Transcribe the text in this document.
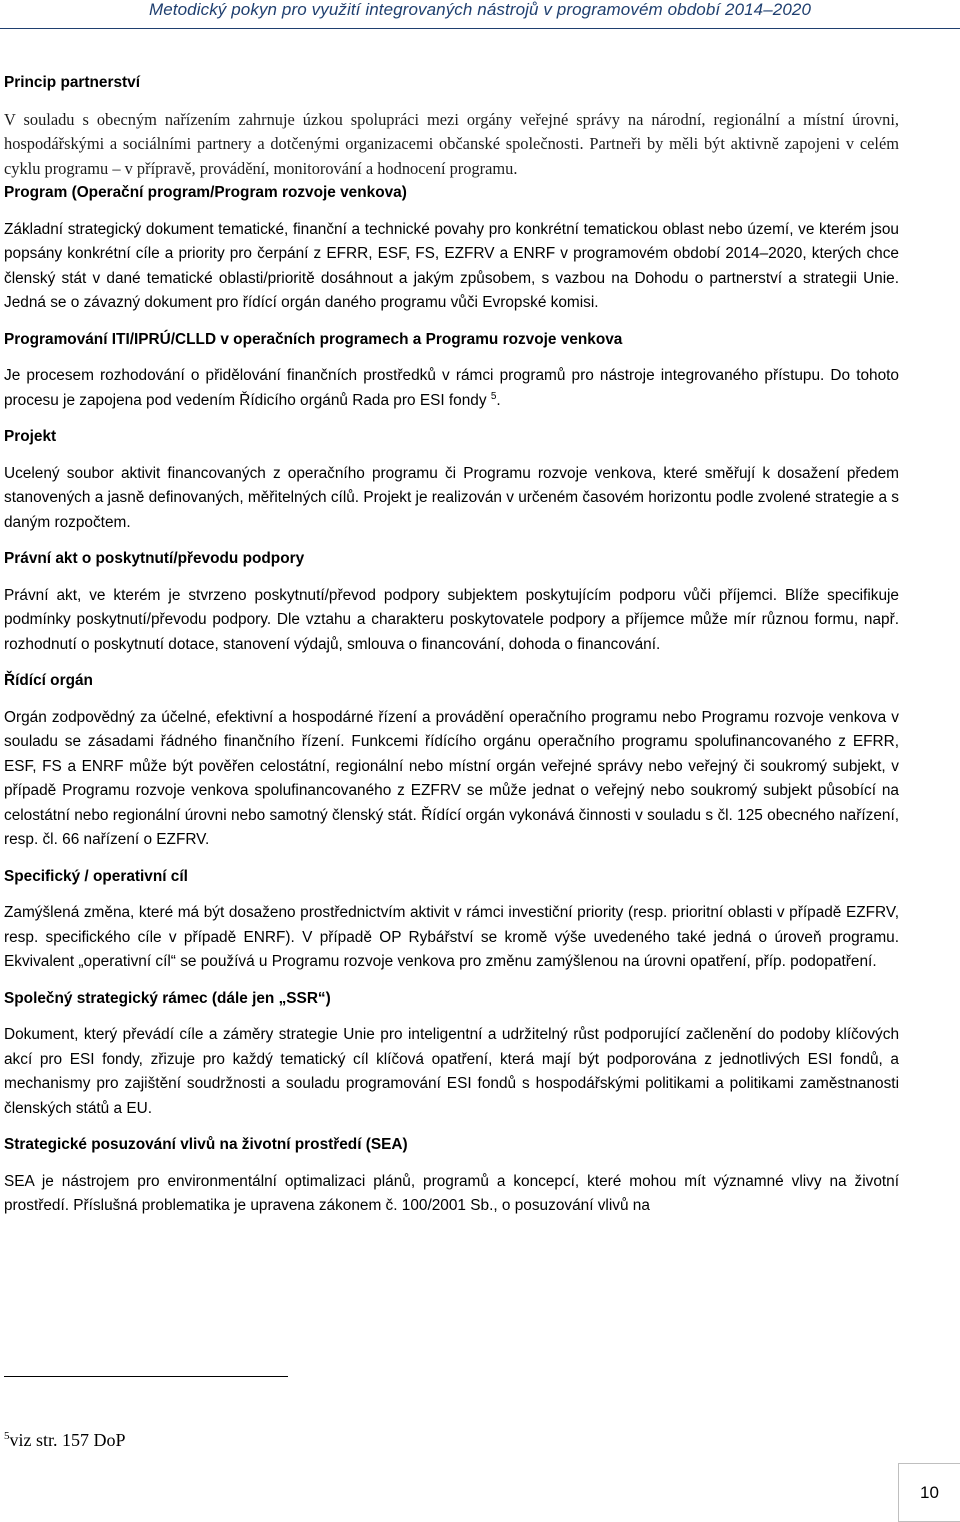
Metodický pokyn pro využití integrovaných nástrojů v programovém období 2014–2020
Princip partnerství

V souladu s obecným nařízením zahrnuje úzkou spolupráci mezi orgány veřejné správy na národní, regionální a místní úrovni, hospodářskými a sociálními partnery a dotčenými organizacemi občanské společnosti. Partneři by měli být aktivně zapojeni v celém cyklu programu – v přípravě, provádění, monitorování a hodnocení programu.

Program (Operační program/Program rozvoje venkova)

Základní strategický dokument tematické, finanční a technické povahy pro konkrétní tematickou oblast nebo území, ve kterém jsou popsány konkrétní cíle a priority pro čerpání z EFRR, ESF, FS, EZFRV a ENRF v programovém období 2014–2020, kterých chce členský stát v dané tematické oblasti/prioritě dosáhnout a jakým způsobem, s vazbou na Dohodu o partnerství a strategii Unie. Jedná se o závazný dokument pro řídící orgán daného programu vůči Evropské komisi.

Programování ITI/IPRÚ/CLLD v operačních programech a Programu rozvoje venkova

Je procesem rozhodování o přidělování finančních prostředků v rámci programů pro nástroje integrovaného přístupu. Do tohoto procesu je zapojena pod vedením Řídicího orgánů Rada pro ESI fondy $^5$.

Projekt

Ucelený soubor aktivit financovaných z operačního programu či Programu rozvoje venkova, které směřují k dosažení předem stanovených a jasně definovaných, měřitelných cílů. Projekt je realizován v určeném časovém horizontu podle zvolené strategie a s daným rozpočtem.

Právní akt o poskytnutí/převodu podpory

Právní akt, ve kterém je stvrzeno poskytnutí/převod podpory subjektem poskytujícím podporu vůči příjemci. Blíže specifikuje podmínky poskytnutí/převodu podpory. Dle vztahu a charakteru poskytovatele podpory a příjemce může mír různou formu, např. rozhodnutí o poskytnutí dotace, stanovení výdajů, smlouva o financování, dohoda o financování.

Řídící orgán

Orgán zodpovědný za účelné, efektivní a hospodárné řízení a provádění operačního programu nebo Programu rozvoje venkova v souladu se zásadami řádného finančního řízení. Funkcemi řídícího orgánu operačního programu spolufinancovaného z EFRR, ESF, FS a ENRF může být pověřen celostátní, regionální nebo místní orgán veřejné správy nebo veřejný či soukromý subjekt, v případě Programu rozvoje venkova spolufinancovaného z EZFRV se může jednat o veřejný nebo soukromý subjekt působící na celostátní nebo regionální úrovni nebo samotný členský stát. Řídící orgán vykonává činnosti v souladu s čl. 125 obecného nařízení, resp. čl. 66 nařízení o EZFRV.

Specifický / operativní cíl

Zamýšlená změna, které má být dosaženo prostřednictvím aktivit v rámci investiční priority (resp. prioritní oblasti v případě EZFRV, resp. specifického cíle v případě ENRF). V případě OP Rybářství se kromě výše uvedeného také jedná o úroveň programu. Ekvivalent „operativní cíl“ se používá u Programu rozvoje venkova pro změnu zamýšlenou na úrovni opatření, příp. podopatření.

Společný strategický rámec (dále jen „SSR“)

Dokument, který převádí cíle a záměry strategie Unie pro inteligentní a udržitelný růst podporující začlenění do podoby klíčových akcí pro ESI fondy, zřizuje pro každý tematický cíl klíčová opatření, která mají být podporována z jednotlivých ESI fondů, a mechanismy pro zajištění soudržnosti a souladu programování ESI fondů s hospodářskými politikami a politikami zaměstnanosti členských států a EU.

Strategické posuzování vlivů na životní prostředí (SEA)

SEA je nástrojem pro environmentální optimalizaci plánů, programů a koncepcí, které mohou mít významné vlivy na životní prostředí. Příslušná problematika je upravena zákonem č. 100/2001 Sb., o posuzování vlivů na

$^5$viz str. 157 DoP
10
